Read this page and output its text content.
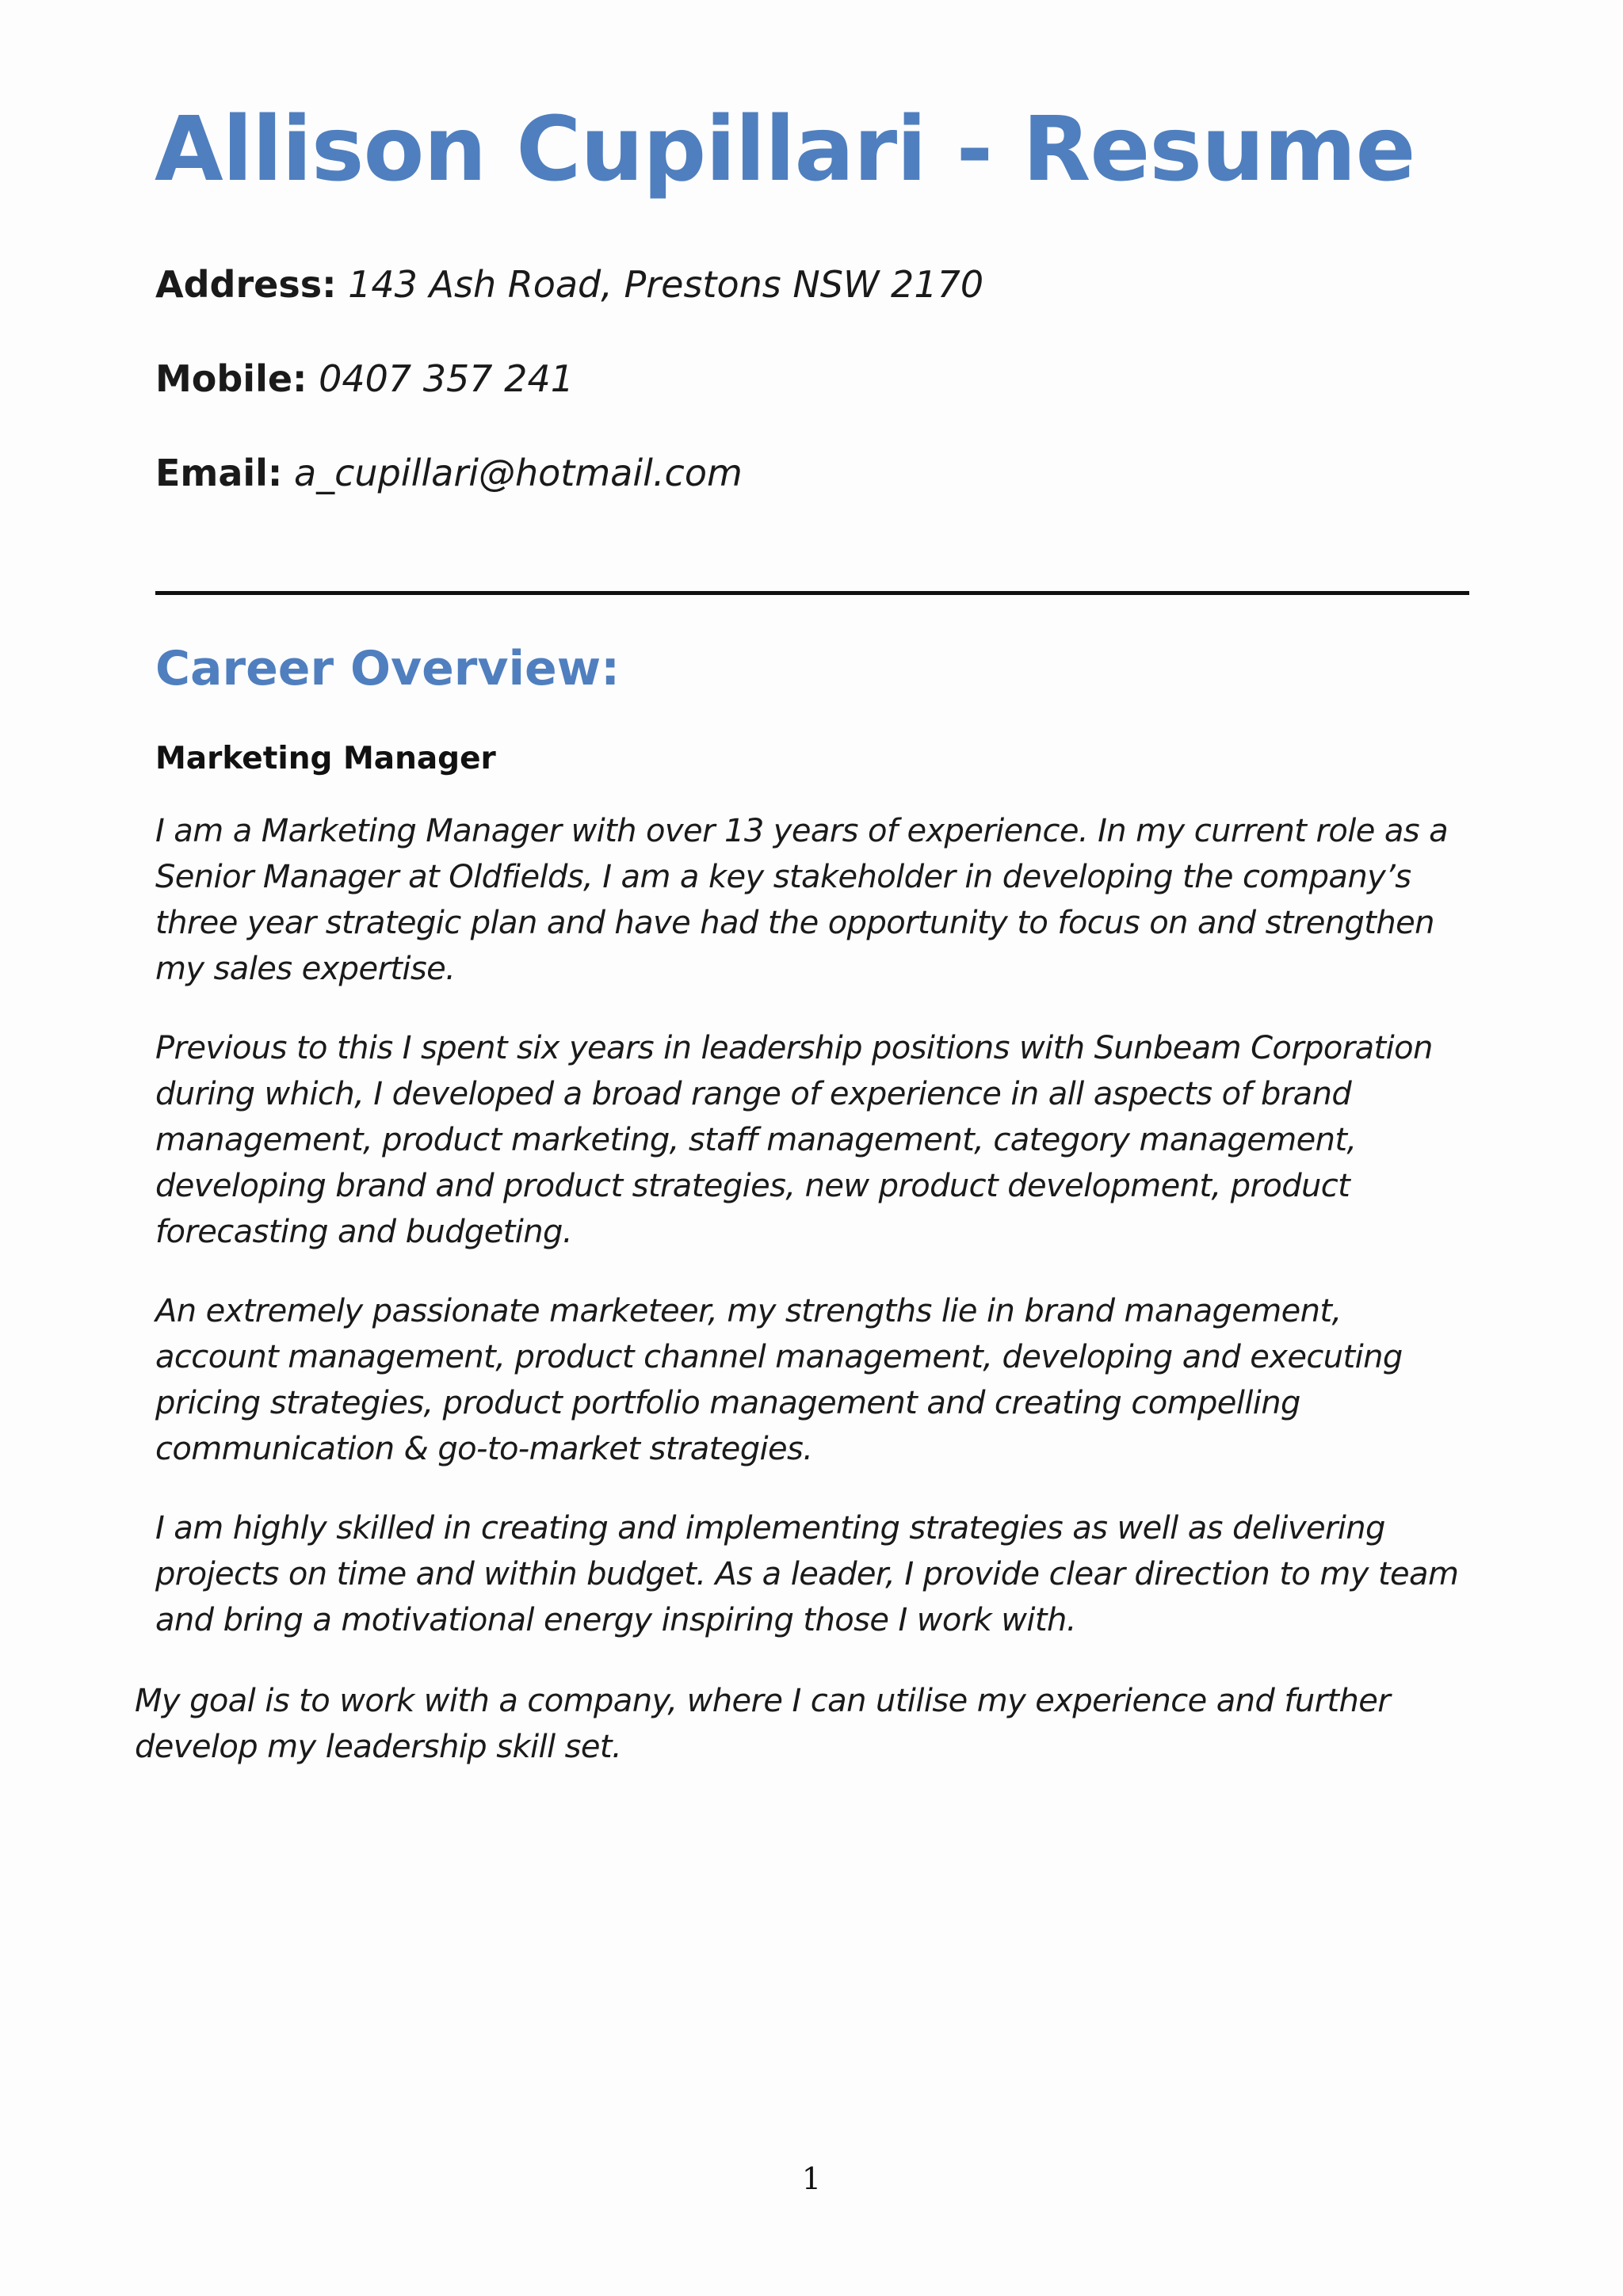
Allison Cupillari - Resume
Address: 143 Ash Road, Prestons NSW 2170
Mobile: 0407 357 241
Email: a_cupillari@hotmail.com
Career Overview:
Marketing Manager

I am a Marketing Manager with over 13 years of experience. In my current role as a Senior Manager at Oldfields, I am a key stakeholder in developing the company’s three year strategic plan and have had the opportunity to focus on and strengthen my sales expertise.

Previous to this I spent six years in leadership positions with Sunbeam Corporation during which, I developed a broad range of experience in all aspects of brand management, product marketing, staff management, category management, developing brand and product strategies, new product development, product forecasting and budgeting.

An extremely passionate marketeer, my strengths lie in brand management, account management, product channel management, developing and executing pricing strategies, product portfolio management and creating compelling communication & go-to-market strategies.

I am highly skilled in creating and implementing strategies as well as delivering projects on time and within budget. As a leader, I provide clear direction to my team and bring a motivational energy inspiring those I work with.

My goal is to work with a company, where I can utilise my experience and further develop my leadership skill set.

1
